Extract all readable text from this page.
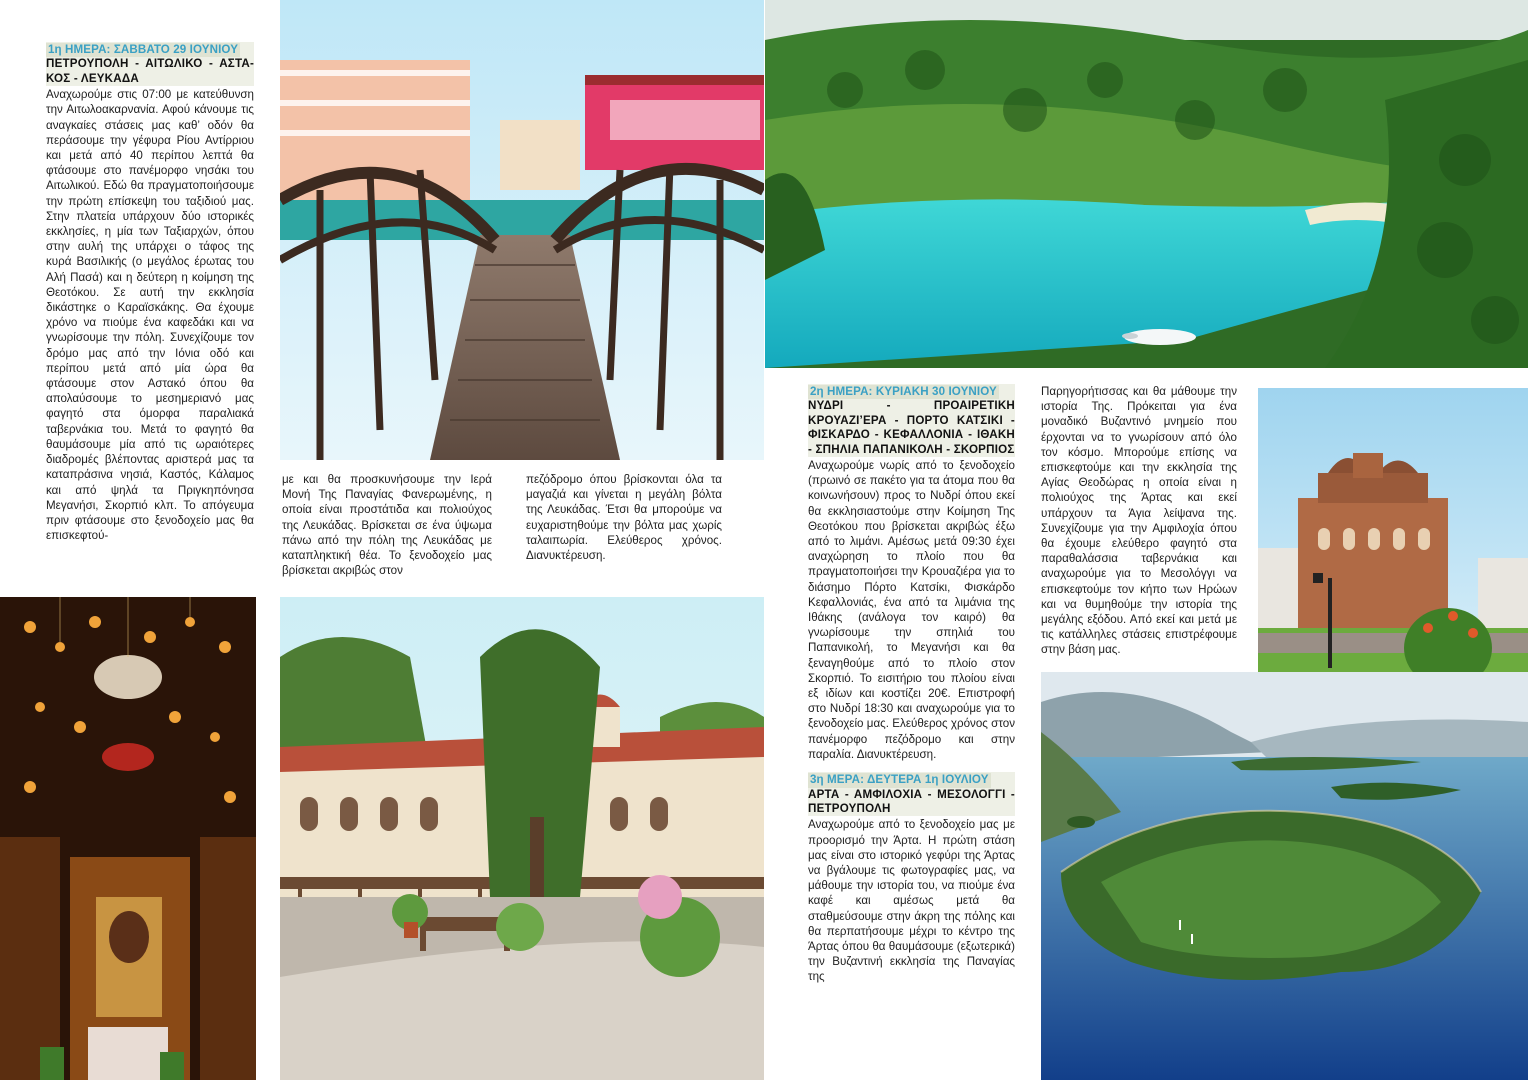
1η ΗΜΕΡΑ: ΣΑΒΒΑΤΟ 29 ΙΟΥΝΙΟΥ
ΠΕΤΡΟΥΠΟΛΗ - ΑΙΤΩΛΙΚΟ - ΑΣΤΑ-ΚΟΣ - ΛΕΥΚΑΔΑ
Αναχωρούμε στις 07:00 με κατεύθυνση την Αιτωλοακαρνανία. Αφού κάνουμε τις αναγκαίες στάσεις μας καθ’ οδόν θα περάσουμε την γέφυρα Ρίου Αντίρριου και μετά από 40 περίπου λεπτά θα φτάσουμε στο πανέμορφο νησάκι του Αιτωλικού. Εδώ θα πραγματοποιήσουμε την πρώτη επίσκεψη του ταξιδιού μας. Στην πλατεία υπάρχουν δύο ιστορικές εκκλησίες, η μία των Ταξιαρχών, όπου στην αυλή της υπάρχει ο τάφος της κυρά Βασιλικής (ο μεγάλος έρωτας του Αλή Πασά) και η δεύτερη η κοίμηση της Θεοτόκου. Σε αυτή την εκκλησία δικάστηκε ο Καραϊσκάκης. Θα έχουμε χρόνο να πιούμε ένα καφεδάκι και να γνωρίσουμε την πόλη. Συνεχίζουμε τον δρόμο μας από την Ιόνια οδό και περίπου μετά από μία ώρα θα φτάσουμε στον Αστακό όπου θα απολαύσουμε το μεσημεριανό μας φαγητό στα όμορφα παραλιακά ταβερνάκια του. Μετά το φαγητό θα θαυμάσουμε μία από τις ωραιότερες διαδρομές βλέποντας αριστερά μας τα καταπράσινα νησιά, Καστός, Κάλαμος και από ψηλά τα Πριγκηπόνησα Μεγανήσι, Σκορπιό κλπ. Το απόγευμα πριν φτάσουμε στο ξενοδοχείο μας θα επισκεφτού-
με και θα προσκυνήσουμε την Ιερά Μονή Της Παναγίας Φανερωμένης, η οποία είναι προστάτιδα και πολιούχος της Λευκάδας. Βρίσκεται σε ένα ύψωμα πάνω από την πόλη της Λευκάδας με καταπληκτική θέα. Το ξενοδοχείο μας βρίσκεται ακριβώς στον
πεζόδρομο όπου βρίσκονται όλα τα μαγαζιά και γίνεται η μεγάλη βόλτα της Λευκάδας. Έτσι θα μπορούμε να ευχαριστηθούμε την βόλτα μας χωρίς ταλαιπωρία. Ελεύθερος χρόνος. Διανυκτέρευση.
2η ΗΜΕΡΑ: ΚΥΡΙΑΚΗ 30 ΙΟΥΝΙΟΥ
ΝΥΔΡΙ - ΠΡΟΑΙΡΕΤΙΚΗ ΚΡΟΥΑΖΙ’ΕΡΑ - ΠΟΡΤΟ ΚΑΤΣΙΚΙ - ΦΙΣΚΑΡΔΟ - ΚΕΦΑΛΛΟΝΙΑ - ΙΘΑΚΗ - ΣΠΗΛΙΑ ΠΑΠΑΝΙΚΟΛΗ - ΣΚΟΡΠΙΟΣ
Αναχωρούμε νωρίς από το ξενοδοχείο (πρωινό σε πακέτο για τα άτομα που θα κοινωνήσουν) προς το Νυδρί όπου εκεί θα εκκλησιαστούμε στην Κοίμηση Της Θεοτόκου που βρίσκεται ακριβώς έξω από το λιμάνι. Αμέσως μετά 09:30 έχει αναχώρηση το πλοίο που θα πραγματοποιήσει την Κρουαζιέρα για το διάσημο Πόρτο Κατσίκι, Φισκάρδο Κεφαλλονιάς, ένα από τα λιμάνια της Ιθάκης (ανάλογα τον καιρό) θα γνωρίσουμε την σπηλιά του Παπανικολή, το Μεγανήσι και θα ξεναγηθούμε από το πλοίο στον Σκορπιό. Το εισιτήριο του πλοίου είναι εξ ιδίων και κοστίζει 20€. Επιστροφή στο Νυδρί 18:30 και αναχωρούμε για το ξενοδοχείο μας. Ελεύθερος χρόνος στον πανέμορφο πεζόδρομο και στην παραλία. Διανυκτέρευση.
3η ΜΕΡΑ: ΔΕΥΤΕΡΑ 1η ΙΟΥΛΙΟΥ
ΑΡΤΑ - ΑΜΦΙΛΟΧΙΑ - ΜΕΣΟΛΟΓΓΙ - ΠΕΤΡΟΥΠΟΛΗ
Αναχωρούμε από το ξενοδοχείο μας με προορισμό την Άρτα. Η πρώτη στάση μας είναι στο ιστορικό γεφύρι της Άρτας να βγάλουμε τις φωτογραφίες μας, να μάθουμε την ιστορία του, να πιούμε ένα καφέ και αμέσως μετά θα σταθμεύσουμε στην άκρη της πόλης και θα περπατήσουμε μέχρι το κέντρο της Άρτας όπου θα θαυμάσουμε (εξωτερικά) την Βυζαντινή εκκλησία της Παναγίας της
Παρηγορήτισσας και θα μάθουμε την ιστορία Της. Πρόκειται για ένα μοναδικό Βυζαντινό μνημείο που έρχονται να το γνωρίσουν από όλο τον κόσμο. Μπορούμε επίσης να επισκεφτούμε και την εκκλησία της Αγίας Θεοδώρας η οποία είναι η πολιούχος της Άρτας και εκεί υπάρχουν τα Άγια λείψανα της. Συνεχίζουμε για την Αμφιλοχία όπου θα έχουμε ελεύθερο φαγητό στα παραθαλάσσια ταβερνάκια και αναχωρούμε για το Μεσολόγγι να επισκεφτούμε τον κήπο των Ηρώων και να θυμηθούμε την ιστορία της μεγάλης εξόδου. Από εκεί και μετά με τις κατάλληλες στάσεις επιστρέφουμε στην βάση μας.
